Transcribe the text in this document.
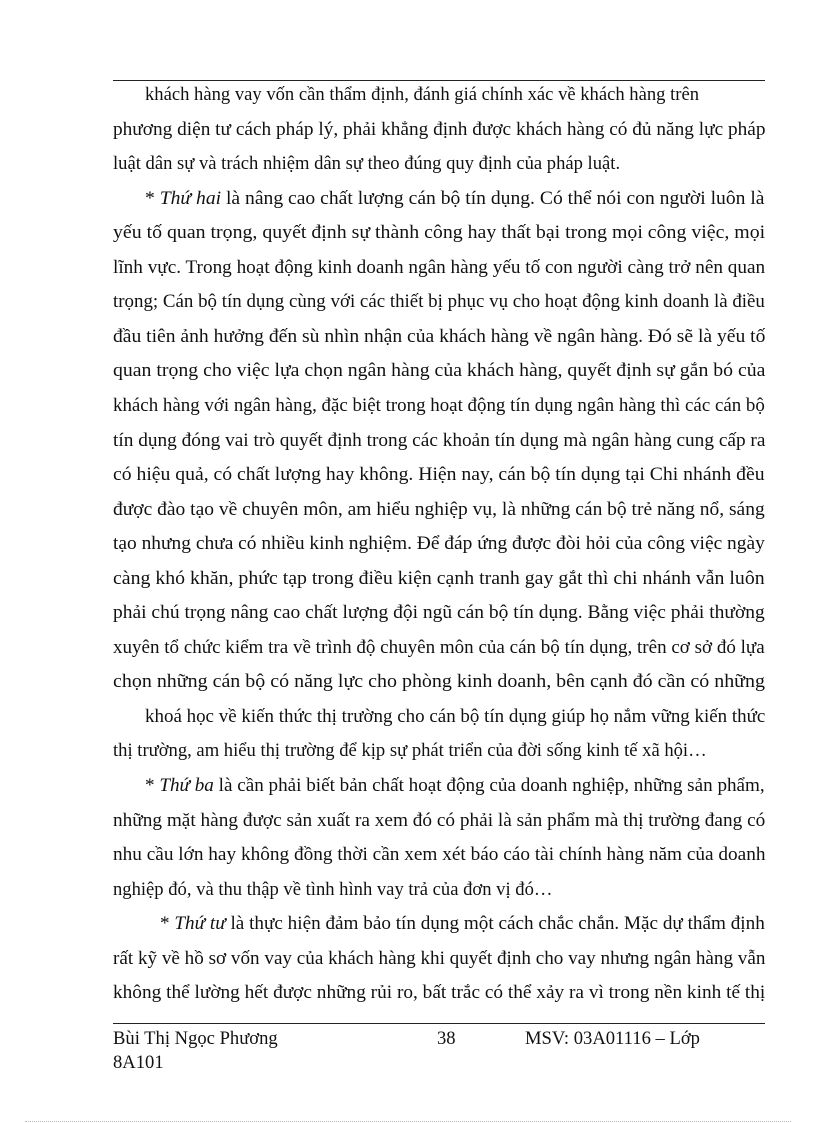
khách hàng vay vốn cần thẩm định, đánh giá chính xác về khách hàng trên
phương diện tư cách pháp lý, phải khẳng định được khách hàng có đủ năng lực pháp
luật dân sự và trách nhiệm dân sự theo đúng quy định của pháp luật.
* Thứ hai là nâng cao chất lượng cán bộ tín dụng. Có thể nói con người luôn là
yếu tố quan trọng, quyết định sự thành công hay thất bại trong mọi công việc, mọi
lĩnh vực. Trong hoạt động kinh doanh ngân hàng yếu tố con người càng trở nên quan
trọng; Cán bộ tín dụng cùng với các thiết bị phục vụ cho hoạt động kinh doanh là điều
đầu tiên ảnh hưởng đến sù nhìn nhận của khách hàng về ngân hàng. Đó sẽ là yếu tố
quan trọng cho việc lựa chọn ngân hàng của khách hàng, quyết định sự gắn bó của
khách hàng với ngân hàng, đặc biệt trong hoạt động tín dụng ngân hàng thì các cán bộ
tín dụng đóng vai trò quyết định trong các khoản tín dụng mà ngân hàng cung cấp ra
có hiệu quả, có chất lượng hay không. Hiện nay, cán bộ tín dụng tại Chi nhánh đều
được đào tạo về chuyên môn, am hiểu nghiệp vụ, là những cán bộ trẻ năng nổ, sáng
tạo nhưng chưa có nhiều kinh nghiệm. Để đáp ứng được đòi hỏi của công việc ngày
càng khó khăn, phức tạp trong điều kiện cạnh tranh gay gắt thì chi nhánh vẫn luôn
phải chú trọng nâng cao chất lượng đội ngũ cán bộ tín dụng. Bằng việc phải thường
xuyên tổ chức kiểm tra về trình độ chuyên môn của cán bộ tín dụng, trên cơ sở đó lựa
chọn những cán bộ có năng lực cho phòng kinh doanh, bên cạnh đó cần có những
khoá học về kiến thức thị trường cho cán bộ tín dụng giúp họ nắm vững kiến thức
thị trường, am hiểu thị trường để kịp sự phát triển của đời sống kinh tế xã hội…
* Thứ ba là cần phải biết bản chất hoạt động của doanh nghiệp, những sản phẩm,
những mặt hàng được sản xuất ra xem đó có phải là sản phẩm mà thị trường đang có
nhu cầu lớn hay không đồng thời cần xem xét báo cáo tài chính hàng năm của doanh
nghiệp đó, và thu thập về tình hình vay trả của đơn vị đó…
* Thứ tư là thực hiện đảm bảo tín dụng một cách chắc chắn. Mặc dự thẩm định
rất kỹ về hồ sơ vốn vay của khách hàng khi quyết định cho vay nhưng ngân hàng vẫn
không thể lường hết được những rủi ro, bất trắc có thể xảy ra vì trong nền kinh tế thị
Bùi Thị Ngọc Phương	38	MSV: 03A01116 – Lớp
8A101
